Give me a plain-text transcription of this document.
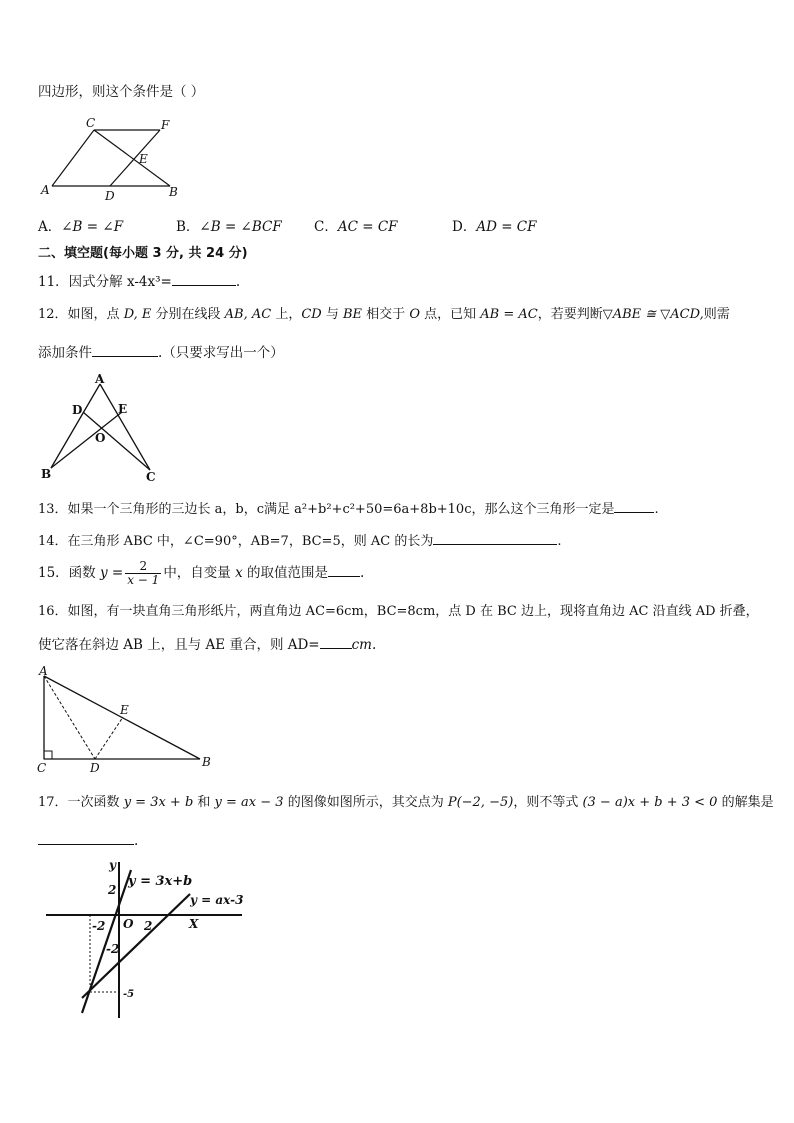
四边形，则这个条件是（ ）
C	F
E
A	D	B
A．∠B = ∠F	B．∠B = ∠BCF C．AC = CF	D．AD = CF
二、填空题(每小题 3 分, 共 24 分)
11．因式分解 x-4x³=	.
12．如图，点 D, E 分别在线段 AB, AC 上，CD 与 BE 相交于 O 点，已知 AB = AC，若要判断▽ABE ≅ ▽ACD,则需
添加条件	.（只要求写出一个）
A
D	E
O
B	C
13．如果一个三角形的三边长 a，b，c满足 a²+b²+c²+50=6a+8b+10c，那么这个三角形一定是	.
14．在三角形 ABC 中，∠C=90°，AB=7，BC=5，则 AC 的长为	.
15．函数 $y = \frac{2}{x - 1}$ 中，自变量 x 的取值范围是 .
16．如图，有一块直角三角形纸片，两直角边 AC=6cm，BC=8cm，点 D 在 BC 边上，现将直角边 AC 沿直线 AD 折叠，
使它落在斜边 AB 上，且与 AE 重合，则 AD= cm.
A
E
C	D	B
17．一次函数 y = 3x + b 和 y = ax − 3 的图像如图所示，其交点为 P(−2, −5)，则不等式 (3 − a)x + b + 3 < 0 的解集是
.
y
X
O
y = 3x+b
y = ax-3
2
-2	2
-2
-5
